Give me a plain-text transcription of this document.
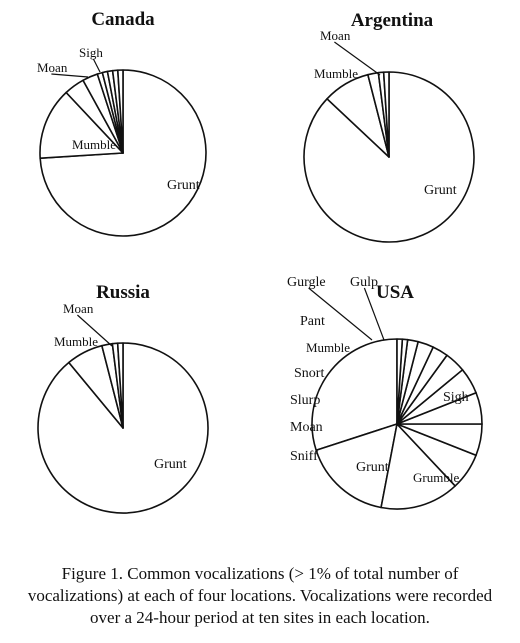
Canada
Grunt
Mumble
Moan
Sigh
Argentina
Grunt
Mumble
Moan
Russia
Grunt
Mumble
Moan
USA
Sigh
Grumble
Grunt
Sniff
Moan
Slurp
Snort
Mumble
Pant
Gurgle Gulp
Figure 1. Common vocalizations (> 1% of total number of
vocalizations) at each of four locations. Vocalizations were recorded
over a 24-hour period at ten sites in each location.
